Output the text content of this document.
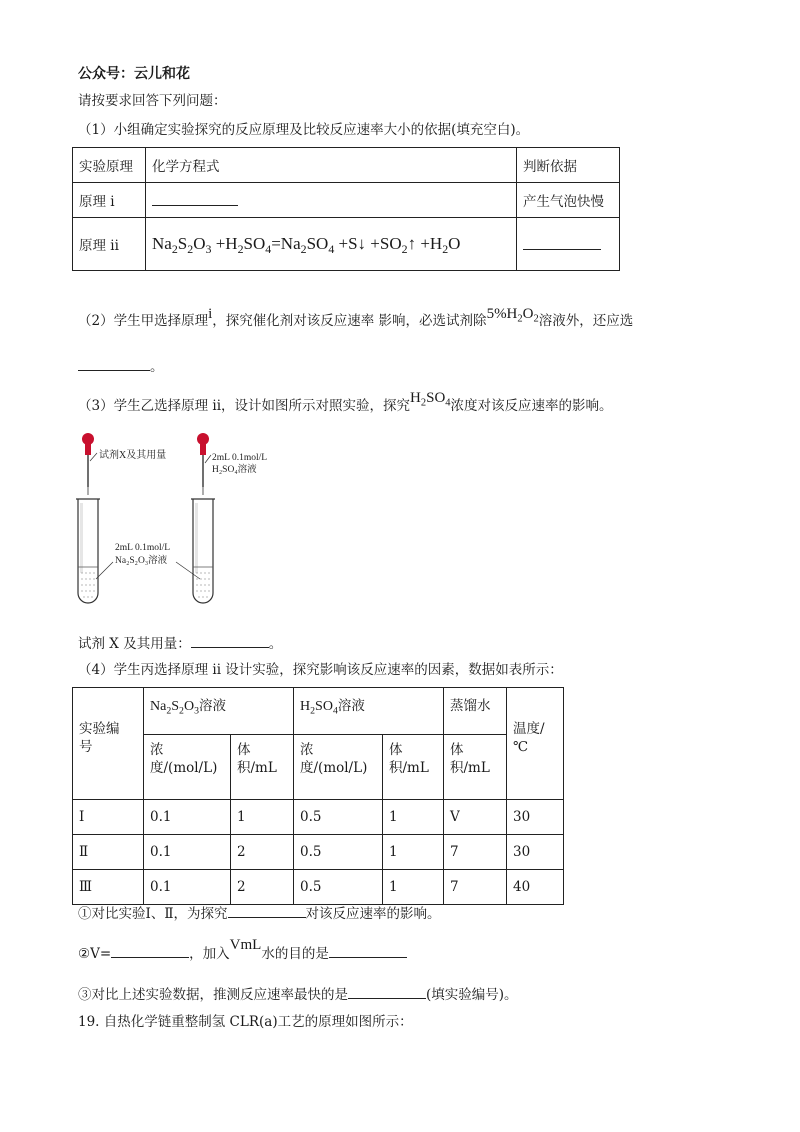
公众号：云儿和花
请按要求回答下列问题：
（1）小组确定实验探究的反应原理及比较反应速率大小的依据(填充空白)。
实验原理	化学方程式	判断依据
原理 i		产生气泡快慢
原理 ii	$Na_2S_2O_3 +H_2SO_4=Na_2SO_4$ +S↓ $+SO_2↑ +H_2O$	
（2）学生甲选择原理i，探究催化剂对该反应速率 影响，必选试剂除$5\%H_2O_2$溶液外，还应选
。
（3）学生乙选择原理 ii，设计如图所示对照实验，探究$H_2SO_4$浓度对该反应速率的影响。
试剂X及其用量	2mL 0.1mol/L
H₂SO₄溶液
2mL 0.1mol/L
Na₂S₂O₃溶液
试剂 X 及其用量：	。
（4）学生丙选择原理 ii 设计实验，探究影响该反应速率的因素，数据如表所示：
实验编号	$Na_2S_2O_3$溶液		$H_2SO_4$溶液		蒸馏水	温度/℃

	浓度/(mol/L)	体积/mL	浓度/(mol/L)	体积/mL	体积/mL	

I	0.1	1	0.5	1	V	30
Ⅱ	0.1	2	0.5	1	7	30
Ⅲ	0.1	2	0.5	1	7	40
①对比实验Ⅰ、Ⅱ，为探究	对该反应速率的影响。
②V=	，加入VmL水的目的是
③对比上述实验数据，推测反应速率最快的是	(填实验编号)。
19. 自热化学链重整制氢 CLR(a)工艺的原理如图所示：
